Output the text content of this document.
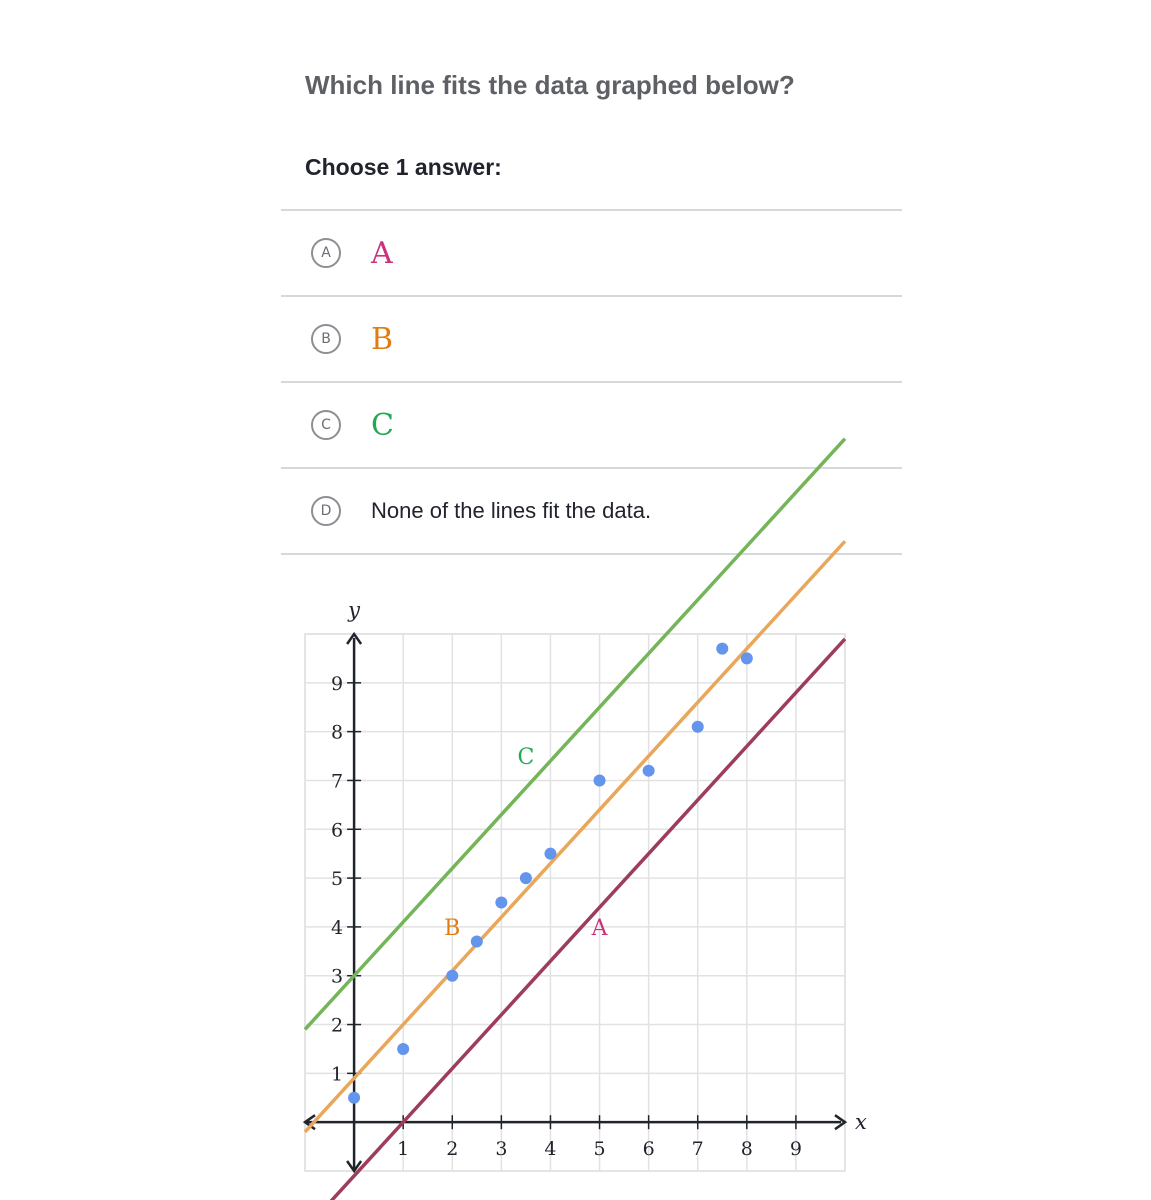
Which line fits the data graphed below?
Choose 1 answer:
A	A
B	B
C	C
D	None of the lines fit the data.
1 2 3 4 5 6 7 8 9
1
2
3
4
5
6
7
8
9
x
y
A
B
C
